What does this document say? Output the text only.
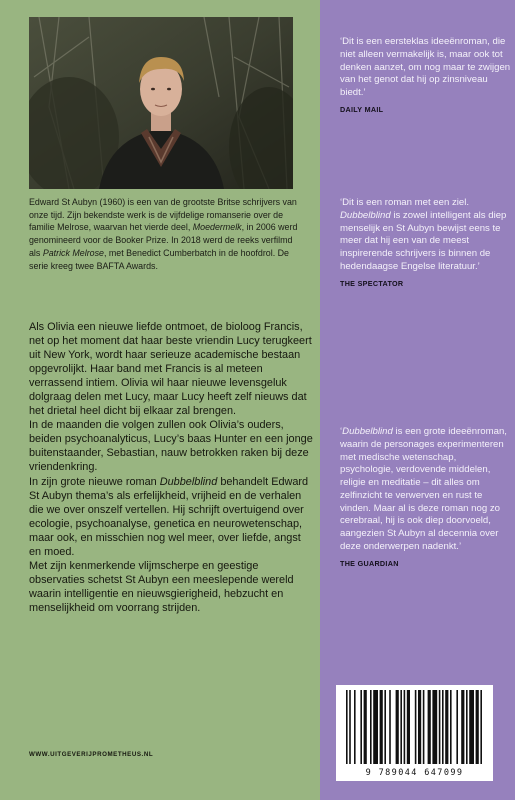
Edward St Aubyn (1960) is een van de grootste Britse schrijvers van onze tijd. Zijn bekendste werk is de vijfdelige romanserie over de familie Melrose, waarvan het vierde deel, Moedermelk, in 2006 werd genomineerd voor de Booker Prize. In 2018 werd de reeks verfilmd als Patrick Melrose, met Benedict Cumberbatch in de hoofdrol. De serie kreeg twee BAFTA Awards.

Als Olivia een nieuwe liefde ontmoet, de bioloog Francis, net op het moment dat haar beste vriendin Lucy terugkeert uit New York, wordt haar serieuze academische bestaan opgevrolijkt. Haar band met Francis is al meteen verrassend intiem. Olivia wil haar nieuwe levensgeluk dolgraag delen met Lucy, maar Lucy heeft zelf nieuws dat het drietal heel dicht bij elkaar zal brengen.

In de maanden die volgen zullen ook Olivia’s ouders, beiden psychoanalyticus, Lucy’s baas Hunter en een jonge buitenstaander, Sebastian, nauw betrokken raken bij deze vriendenkring.

In zijn grote nieuwe roman Dubbelblind behandelt Edward St Aubyn thema’s als erfelijkheid, vrijheid en de verhalen die we over onszelf vertellen. Hij schrijft overtuigend over ecologie, psychoanalyse, genetica en neurowetenschap, maar ook, en misschien nog wel meer, over liefde, angst en moed.

Met zijn kenmerkende vlijmscherpe en geestige observaties schetst St Aubyn een meeslepende wereld waarin intelligentie en nieuwsgierigheid, hebzucht en menselijkheid om voorrang strijden.

WWW.UITGEVERIJPROMETHEUS.NL

‘Dit is een eersteklas ideeënroman, die niet alleen vermakelijk is, maar ook tot denken aanzet, om nog maar te zwijgen van het genot dat hij op zinsniveau biedt.’

DAILY MAIL

‘Dit is een roman met een ziel. Dubbelblind is zowel intelligent als diep menselijk en St Aubyn bewijst eens te meer dat hij een van de meest inspirerende schrijvers is binnen de hedendaagse Engelse literatuur.’

THE SPECTATOR

‘Dubbelblind is een grote ideeënroman, waarin de personages experimenteren met medische wetenschap, psychologie, verdovende middelen, religie en meditatie – dit alles om zelfinzicht te verwerven en rust te vinden. Maar al is deze roman nog zo cerebraal, hij is ook diep doorvoeld, aangezien St Aubyn al decennia over deze onderwerpen nadenkt.’

THE GUARDIAN
9 789044 647099
